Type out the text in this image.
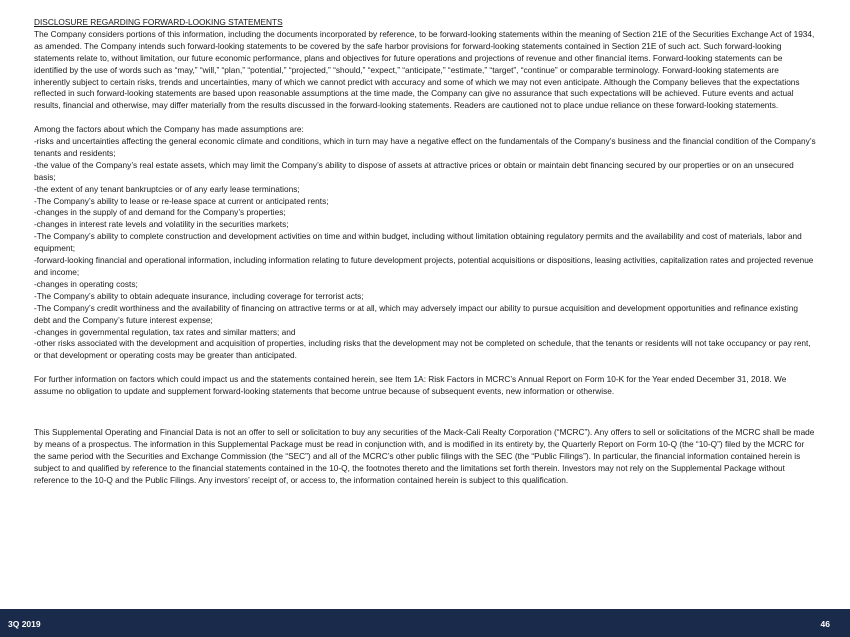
DISCLOSURE REGARDING FORWARD-LOOKING STATEMENTS

The Company considers portions of this information, including the documents incorporated by reference, to be forward-looking statements within the meaning of Section 21E of the Securities Exchange Act of 1934, as amended. The Company intends such forward-looking statements to be covered by the safe harbor provisions for forward-looking statements contained in Section 21E of such act. Such forward-looking statements relate to, without limitation, our future economic performance, plans and objectives for future operations and projections of revenue and other financial items. Forward-looking statements can be identified by the use of words such as “may,” “will,” “plan,” “potential,” “projected,” “should,” “expect,” “anticipate,” “estimate,” “target”, “continue” or comparable terminology. Forward-looking statements are inherently subject to certain risks, trends and uncertainties, many of which we cannot predict with accuracy and some of which we may not even anticipate. Although the Company believes that the expectations reflected in such forward-looking statements are based upon reasonable assumptions at the time made, the Company can give no assurance that such expectations will be achieved. Future events and actual results, financial and otherwise, may differ materially from the results discussed in the forward-looking statements. Readers are cautioned not to place undue reliance on these forward-looking statements.

Among the factors about which the Company has made assumptions are:

-risks and uncertainties affecting the general economic climate and conditions, which in turn may have a negative effect on the fundamentals of the Company’s business and the financial condition of the Company’s tenants and residents;

-the value of the Company’s real estate assets, which may limit the Company’s ability to dispose of assets at attractive prices or obtain or maintain debt financing secured by our properties or on an unsecured basis;

-the extent of any tenant bankruptcies or of any early lease terminations;

-The Company’s ability to lease or re-lease space at current or anticipated rents;

-changes in the supply of and demand for the Company’s properties;

-changes in interest rate levels and volatility in the securities markets;

-The Company’s ability to complete construction and development activities on time and within budget, including without limitation obtaining regulatory permits and the availability and cost of materials, labor and equipment;

-forward-looking financial and operational information, including information relating to future development projects, potential acquisitions or dispositions, leasing activities, capitalization rates and projected revenue and income;

-changes in operating costs;

-The Company’s ability to obtain adequate insurance, including coverage for terrorist acts;

-The Company’s credit worthiness and the availability of financing on attractive terms or at all, which may adversely impact our ability to pursue acquisition and development opportunities and refinance existing debt and the Company’s future interest expense;

-changes in governmental regulation, tax rates and similar matters; and

-other risks associated with the development and acquisition of properties, including risks that the development may not be completed on schedule, that the tenants or residents will not take occupancy or pay rent, or that development or operating costs may be greater than anticipated.

For further information on factors which could impact us and the statements contained herein, see Item 1A: Risk Factors in MCRC’s Annual Report on Form 10-K for the Year ended December 31, 2018. We assume no obligation to update and supplement forward-looking statements that become untrue because of subsequent events, new information or otherwise.

This Supplemental Operating and Financial Data is not an offer to sell or solicitation to buy any securities of the Mack-Cali Realty Corporation (“MCRC”). Any offers to sell or solicitations of the MCRC shall be made by means of a prospectus. The information in this Supplemental Package must be read in conjunction with, and is modified in its entirety by, the Quarterly Report on Form 10-Q (the “10-Q”) filed by the MCRC for the same period with the Securities and Exchange Commission (the “SEC”) and all of the MCRC’s other public filings with the SEC (the “Public Filings”). In particular, the financial information contained herein is subject to and qualified by reference to the financial statements contained in the 10-Q, the footnotes thereto and the limitations set forth therein. Investors may not rely on the Supplemental Package without reference to the 10-Q and the Public Filings. Any investors’ receipt of, or access to, the information contained herein is subject to this qualification.

3Q 2019	46
